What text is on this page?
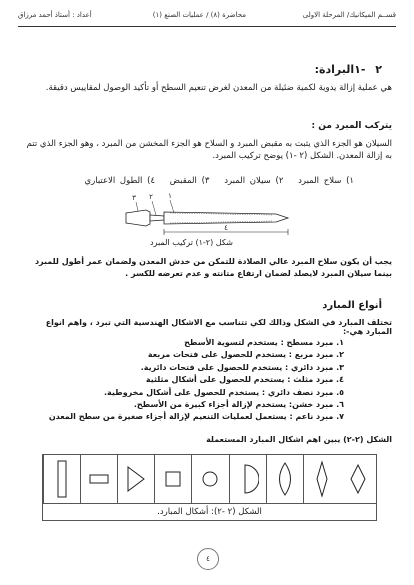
قســم الميكانيك/ المرحلة الاولى
محاضرة (٨) / عمليات الصنع (١)
أعداد : أستاذ أحمد مرزاق
٢ -١البرادة:

هي عملية إزالة يدوية لكمية ضئيلة من المعدن لغرض تنعيم السطح أو تأكيد الوصول لمقاييس دقيقة.

يتركب المبرد من :

السيلان هو الجزء الذي يثبت به مقبض المبرد و السلاح هو الجزء المخشن من المبرد ، وهو الجزء الذي تتم به إزالة المعدن. الشكل (٢ -١) يوضح تركيب المبرد.

١) سلاح المبرد ٢) سيلان المبرد ٣) المقبض ٤) الطول الاعتباري
٣ ٢ ١
٤
شكل (٢-١) تركيب المبرد

يجب أن يكون سلاح المبرد عالي الصلادة للتمكن من خدش المعدن ولضمان عمر أطول للمبرد بينما سيلان المبرد لايصلد لضمان ارتفاع متانته و عدم تعرضه للكسر .

أنواع المبارد

تختلف المبارد في الشكل وذالك لكي تتناسب مع الاشكال الهندسية التي تبرد ، واهم انواع المبارد هي-:

١. مبرد مسطح : يستخدم لتسوية الأسطح
٢. مبرد مربع : يستخدم للحصول على فتحات مربعة
٣. مبرد دائري : يستخدم للحصول على فتحات دائرية.
٤. مبرد مثلث : يستخدم للحصول على أشكال مثلثية
٥. مبرد نصف دائري : يستخدم للحصول على أشكال مخروطية.
٦. مبرد خشن: يستخدم لإزالة أجزاء كبيرة من الأسطح.
٧. مبرد ناعم : يستعمل لعمليات التنعيم لإزالة أجزاء صغيرة من سطح المعدن

الشكل (٢-٢) يبين اهم اشكال المبارد المستعملة

الشكل (٢ -٢): أشكال المبارد.
٤
